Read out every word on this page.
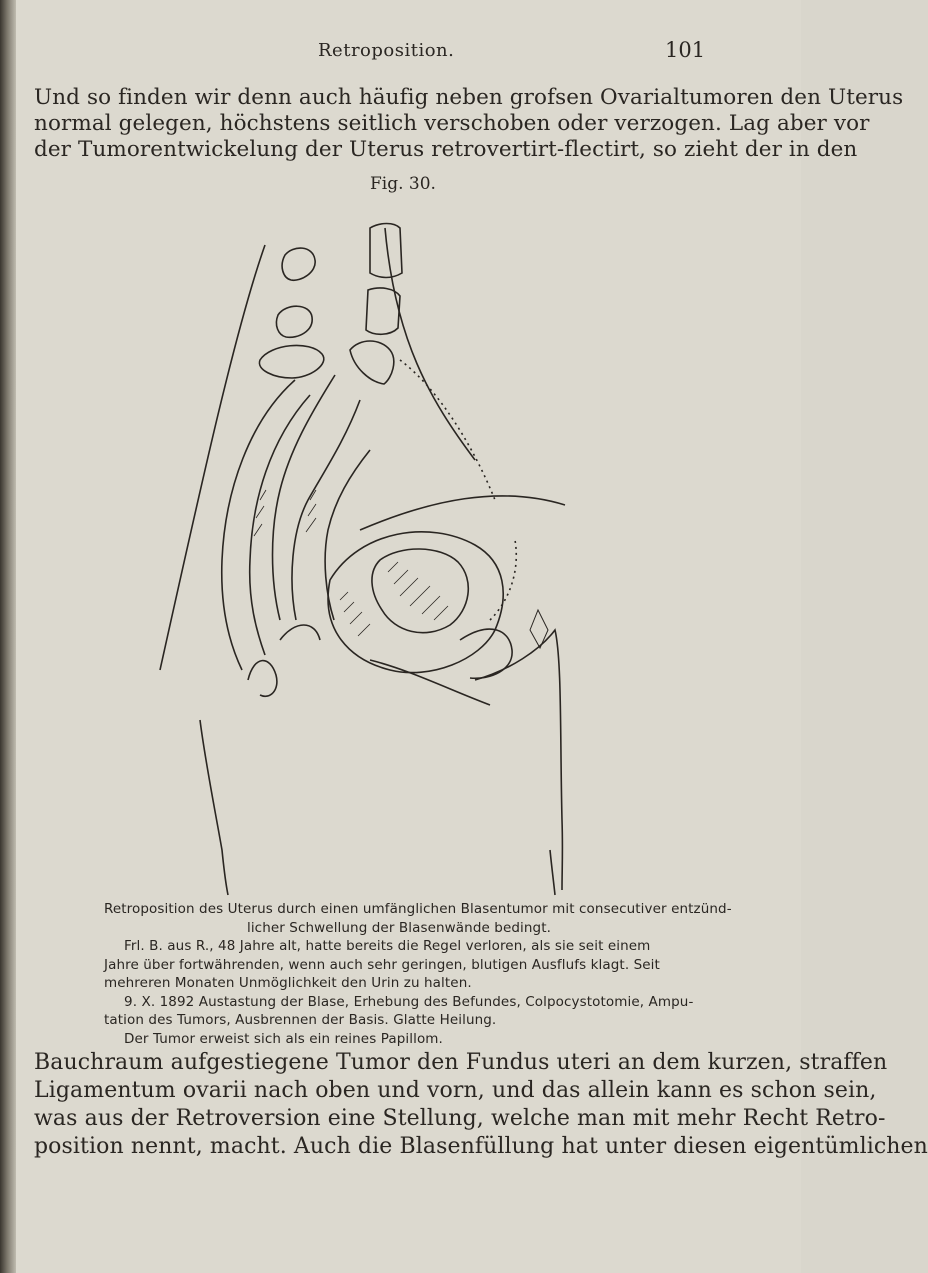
Retroposition.	101
Und so finden wir denn auch häufig neben grofsen Ovarialtumoren den Uterus
normal gelegen, höchstens seitlich verschoben oder verzogen. Lag aber vor
der Tumorentwickelung der Uterus retrovertirt-flectirt, so zieht der in den
Fig. 30.
Retroposition des Uterus durch einen umfänglichen Blasentumor mit consecutiver entzünd-
licher Schwellung der Blasenwände bedingt.
Frl. B. aus R., 48 Jahre alt, hatte bereits die Regel verloren, als sie seit einem
Jahre über fortwährenden, wenn auch sehr geringen, blutigen Ausflufs klagt. Seit
mehreren Monaten Unmöglichkeit den Urin zu halten.
9. X. 1892 Austastung der Blase, Erhebung des Befundes, Colpocystotomie, Ampu-
tation des Tumors, Ausbrennen der Basis. Glatte Heilung.
Der Tumor erweist sich als ein reines Papillom.
Bauchraum aufgestiegene Tumor den Fundus uteri an dem kurzen, straffen
Ligamentum ovarii nach oben und vorn, und das allein kann es schon sein,
was aus der Retroversion eine Stellung, welche man mit mehr Recht Retro-
position nennt, macht. Auch die Blasenfüllung hat unter diesen eigentümlichen
